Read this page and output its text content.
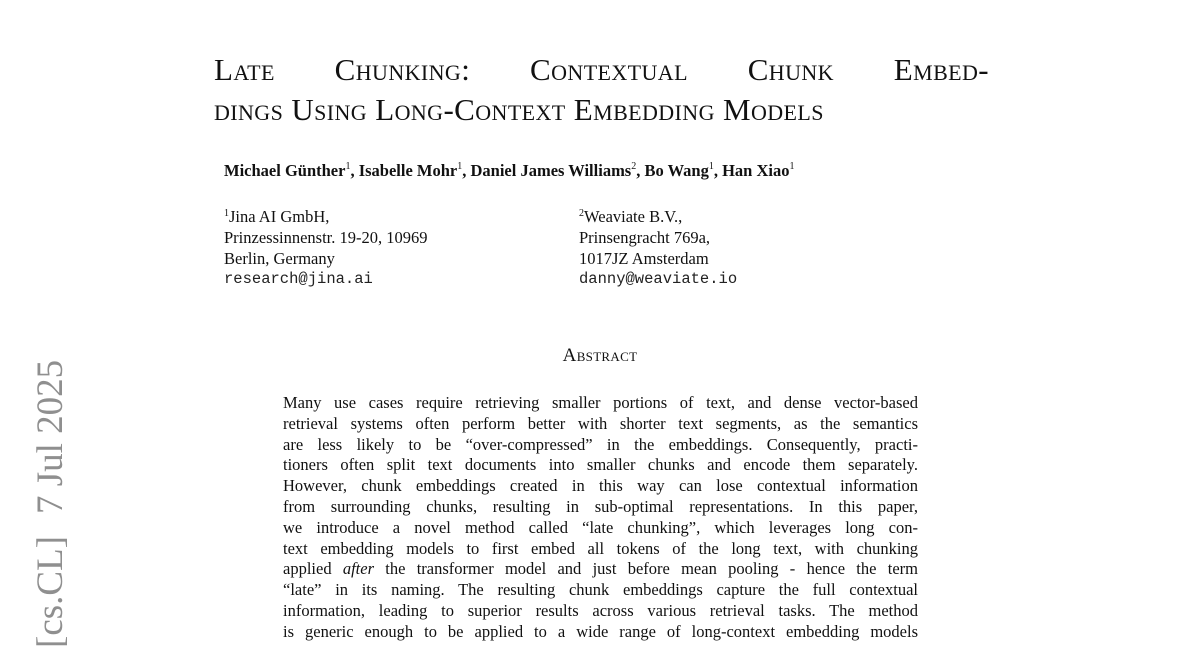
[cs.CL]7 Jul 2025
Late Chunking: Contextual Chunk Embed-
dings Using Long-Context Embedding Models
Michael Günther$^1$, Isabelle Mohr$^1$, Daniel James Williams$^2$, Bo Wang$^1$, Han Xiao$^1$
$^1$Jina AI GmbH,
Prinzessinnenstr. 19-20, 10969
Berlin, Germany
research@jina.ai
$^2$Weaviate B.V.,
Prinsengracht 769a,
1017JZ Amsterdam
danny@weaviate.io
Abstract
Many use cases require retrieving smaller portions of text, and dense vector-based
retrieval systems often perform better with shorter text segments, as the semantics
are less likely to be “over-compressed” in the embeddings. Consequently, practi-
tioners often split text documents into smaller chunks and encode them separately.
However, chunk embeddings created in this way can lose contextual information
from surrounding chunks, resulting in sub-optimal representations. In this paper,
we introduce a novel method called “late chunking”, which leverages long con-
text embedding models to first embed all tokens of the long text, with chunking
applied after the transformer model and just before mean pooling - hence the term
“late” in its naming. The resulting chunk embeddings capture the full contextual
information, leading to superior results across various retrieval tasks. The method
is generic enough to be applied to a wide range of long-context embedding models
